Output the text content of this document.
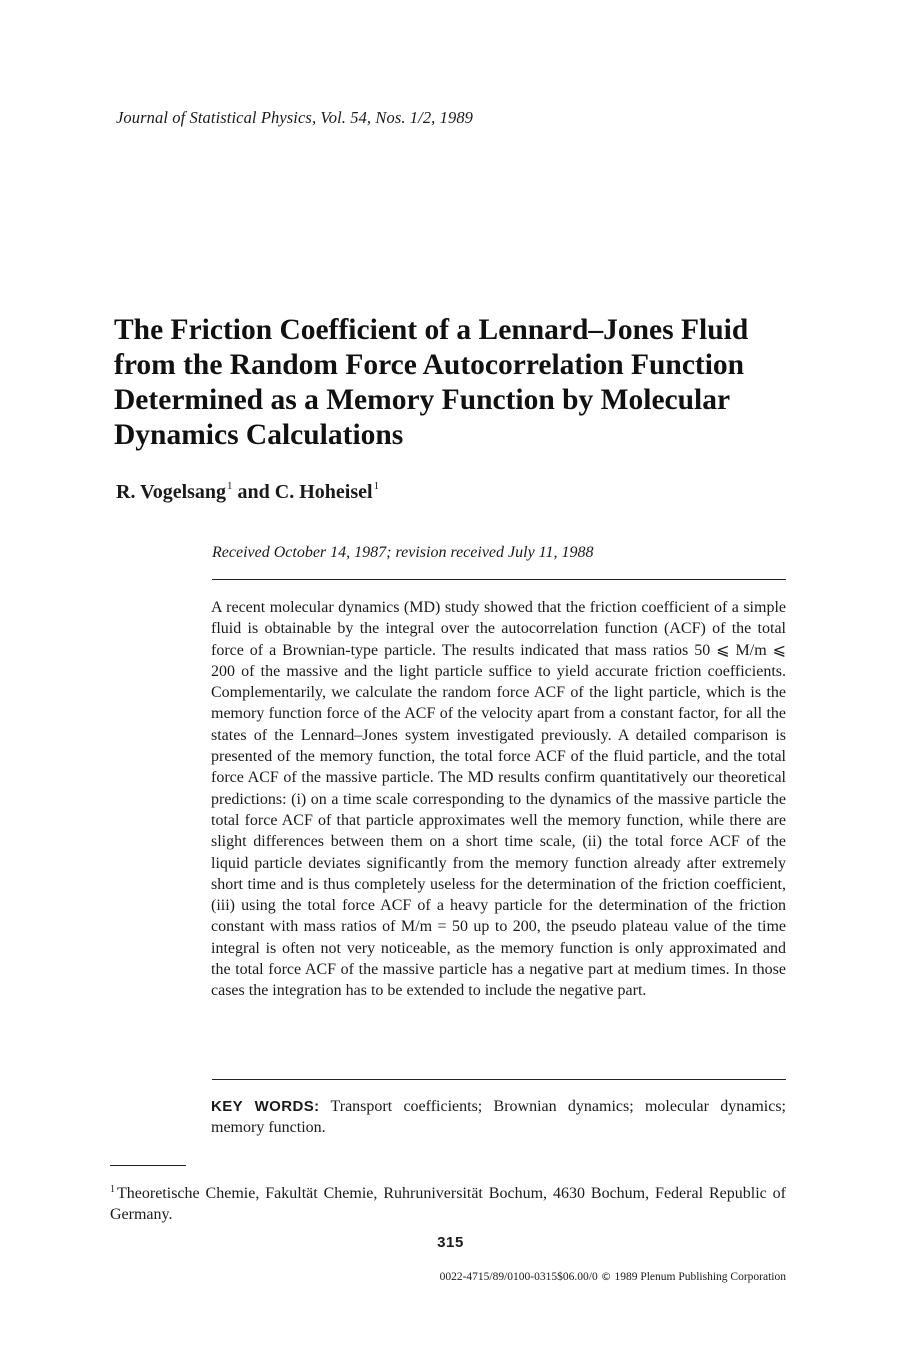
Journal of Statistical Physics, Vol. 54, Nos. 1/2, 1989
The Friction Coefficient of a Lennard–Jones Fluid from the Random Force Autocorrelation Function Determined as a Memory Function by Molecular Dynamics Calculations
R. Vogelsang$^1$ and C. Hoheisel$^1$
Received October 14, 1987; revision received July 11, 1988
A recent molecular dynamics (MD) study showed that the friction coefficient of a simple fluid is obtainable by the integral over the autocorrelation function (ACF) of the total force of a Brownian-type particle. The results indicated that mass ratios 50 ⩽ M/m ⩽ 200 of the massive and the light particle suffice to yield accurate friction coefficients. Complementarily, we calculate the random force ACF of the light particle, which is the memory function force of the ACF of the velocity apart from a constant factor, for all the states of the Lennard–Jones system investigated previously. A detailed comparison is presented of the memory function, the total force ACF of the fluid particle, and the total force ACF of the massive particle. The MD results confirm quantitatively our theoretical predictions: (i) on a time scale corresponding to the dynamics of the massive particle the total force ACF of that particle approximates well the memory function, while there are slight differences between them on a short time scale, (ii) the total force ACF of the liquid particle deviates significantly from the memory function already after extremely short time and is thus completely useless for the determination of the friction coefficient, (iii) using the total force ACF of a heavy particle for the determination of the friction constant with mass ratios of M/m = 50 up to 200, the pseudo plateau value of the time integral is often not very noticeable, as the memory function is only approximated and the total force ACF of the massive particle has a negative part at medium times. In those cases the integration has to be extended to include the negative part.
KEY WORDS: Transport coefficients; Brownian dynamics; molecular dynamics; memory function.
$^1$ Theoretische Chemie, Fakultät Chemie, Ruhruniversität Bochum, 4630 Bochum, Federal Republic of Germany.
315
0022-4715/89/0100-0315$06.00/0 © 1989 Plenum Publishing Corporation
